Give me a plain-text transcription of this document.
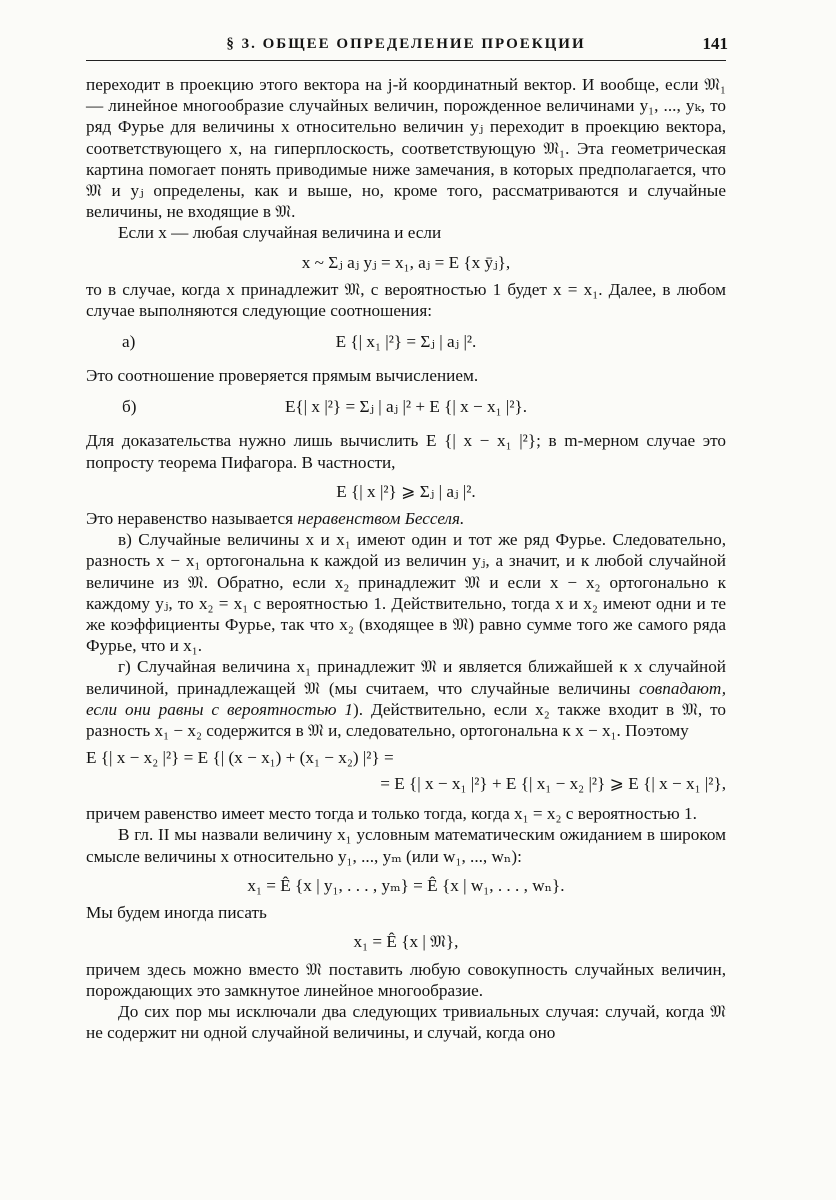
§ 3. ОБЩЕЕ ОПРЕДЕЛЕНИЕ ПРОЕКЦИИ	141

переходит в проекцию этого вектора на j-й координатный вектор. И вообще, если 𝔐₁ — линейное многообразие случайных величин, порожденное величинами y₁, ..., yₖ, то ряд Фурье для величины x относительно величин yⱼ переходит в проекцию вектора, соответствующего x, на гиперплоскость, соответствующую 𝔐₁. Эта геометрическая картина помогает понять приводимые ниже замечания, в которых предполагается, что 𝔐 и yⱼ определены, как и выше, но, кроме того, рассматриваются и случайные величины, не входящие в 𝔐.

Если x — любая случайная величина и если

x ~ Σⱼ aⱼ yⱼ = x₁, aⱼ = E {x ȳⱼ},

то в случае, когда x принадлежит 𝔐, с вероятностью 1 будет x = x₁. Далее, в любом случае выполняются следующие соотношения:

а)	E {| x₁ |²} = Σⱼ | aⱼ |².

Это соотношение проверяется прямым вычислением.

б)	E{| x |²} = Σⱼ | aⱼ |² + E {| x − x₁ |²}.

Для доказательства нужно лишь вычислить E {| x − x₁ |²}; в m-мерном случае это попросту теорема Пифагора. В частности,

E {| x |²} ⩾ Σⱼ | aⱼ |².

Это неравенство называется неравенством Бесселя.

в) Случайные величины x и x₁ имеют один и тот же ряд Фурье. Следовательно, разность x − x₁ ортогональна к каждой из величин yⱼ, а значит, и к любой случайной величине из 𝔐. Обратно, если x₂ принадлежит 𝔐 и если x − x₂ ортогонально к каждому yⱼ, то x₂ = x₁ с вероятностью 1. Действительно, тогда x и x₂ имеют одни и те же коэффициенты Фурье, так что x₂ (входящее в 𝔐) равно сумме того же самого ряда Фурье, что и x₁.

г) Случайная величина x₁ принадлежит 𝔐 и является ближайшей к x случайной величиной, принадлежащей 𝔐 (мы считаем, что случайные величины совпадают, если они равны с вероятностью 1). Действительно, если x₂ также входит в 𝔐, то разность x₁ − x₂ содержится в 𝔐 и, следовательно, ортогональна к x − x₁. Поэтому

E {| x − x₂ |²} = E {| (x − x₁) + (x₁ − x₂) |²} =
= E {| x − x₁ |²} + E {| x₁ − x₂ |²} ⩾ E {| x − x₁ |²},

причем равенство имеет место тогда и только тогда, когда x₁ = x₂ с вероятностью 1.

В гл. II мы назвали величину x₁ условным математическим ожиданием в широком смысле величины x относительно y₁, ..., yₘ (или w₁, ..., wₙ):

x₁ = Ê {x | y₁, . . . , yₘ} = Ê {x | w₁, . . . , wₙ}.

Мы будем иногда писать

x₁ = Ê {x | 𝔐},

причем здесь можно вместо 𝔐 поставить любую совокупность случайных величин, порождающих это замкнутое линейное многообразие.

До сих пор мы исключали два следующих тривиальных случая: случай, когда 𝔐 не содержит ни одной случайной величины, и случай, когда оно
